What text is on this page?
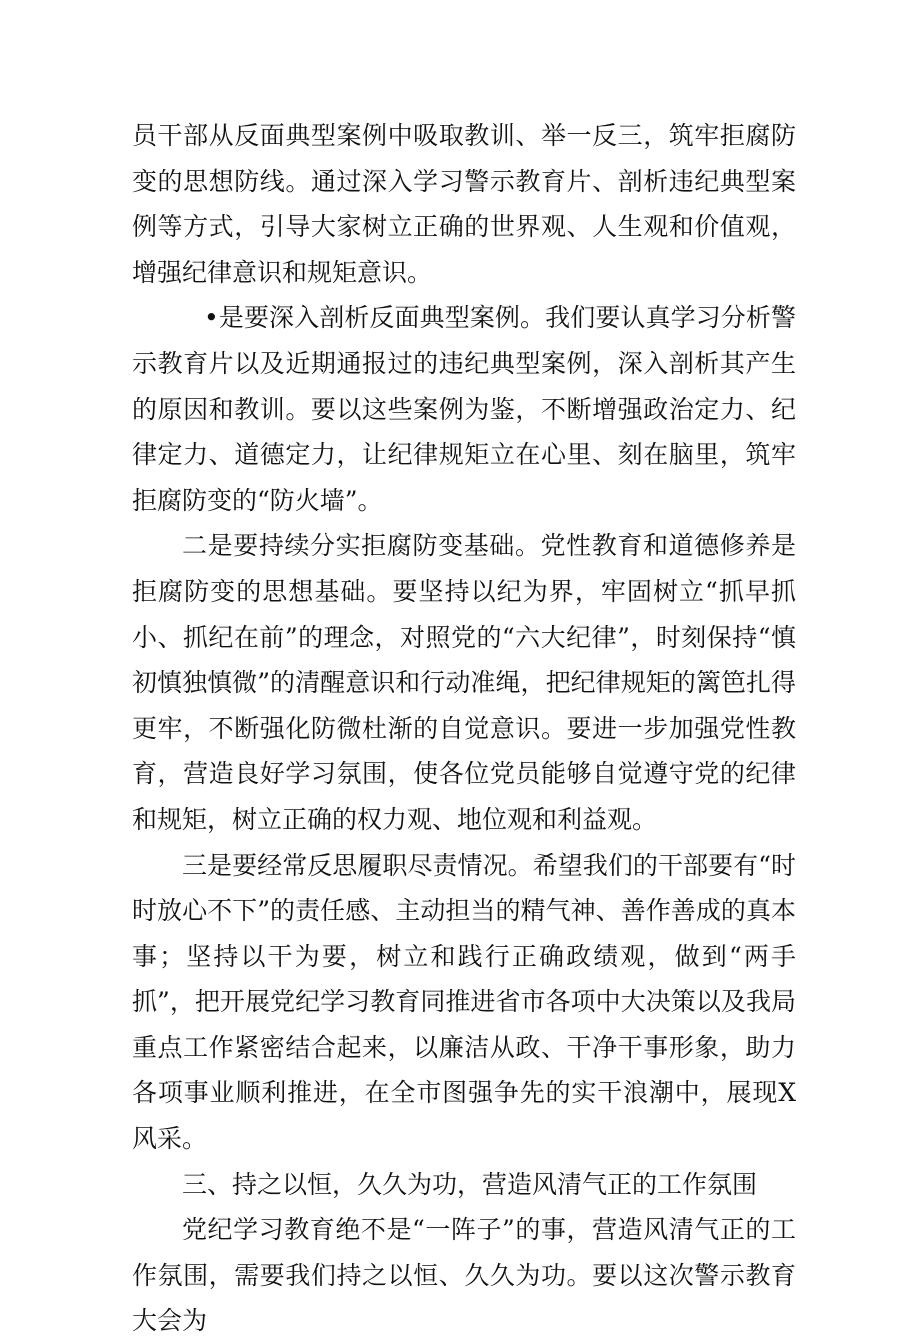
员干部从反面典型案例中吸取教训、举一反三，筑牢拒腐防变的思想防线。通过深入学习警示教育片、剖析违纪典型案例等方式，引导大家树立正确的世界观、人生观和价值观，增强纪律意识和规矩意识。

•是要深入剖析反面典型案例。我们要认真学习分析警示教育片以及近期通报过的违纪典型案例，深入剖析其产生的原因和教训。要以这些案例为鉴，不断增强政治定力、纪律定力、道德定力，让纪律规矩立在心里、刻在脑里，筑牢拒腐防变的“防火墙”。

二是要持续分实拒腐防变基础。党性教育和道德修养是拒腐防变的思想基础。要坚持以纪为界，牢固树立“抓早抓小、抓纪在前”的理念，对照党的“六大纪律”，时刻保持“慎初慎独慎微”的清醒意识和行动准绳，把纪律规矩的篱笆扎得更牢，不断强化防微杜渐的自觉意识。要进一步加强党性教育，营造良好学习氛围，使各位党员能够自觉遵守党的纪律和规矩，树立正确的权力观、地位观和利益观。

三是要经常反思履职尽责情况。希望我们的干部要有“时时放心不下”的责任感、主动担当的精气神、善作善成的真本事；坚持以干为要，树立和践行正确政绩观，做到“两手抓”，把开展党纪学习教育同推进省市各项中大决策以及我局重点工作紧密结合起来，以廉洁从政、干净干事形象，助力各项事业顺利推进，在全市图强争先的实干浪潮中，展现X风采。

三、持之以恒，久久为功，营造风清气正的工作氛围

党纪学习教育绝不是“一阵子”的事，营造风清气正的工作氛围，需要我们持之以恒、久久为功。要以这次警示教育大会为
